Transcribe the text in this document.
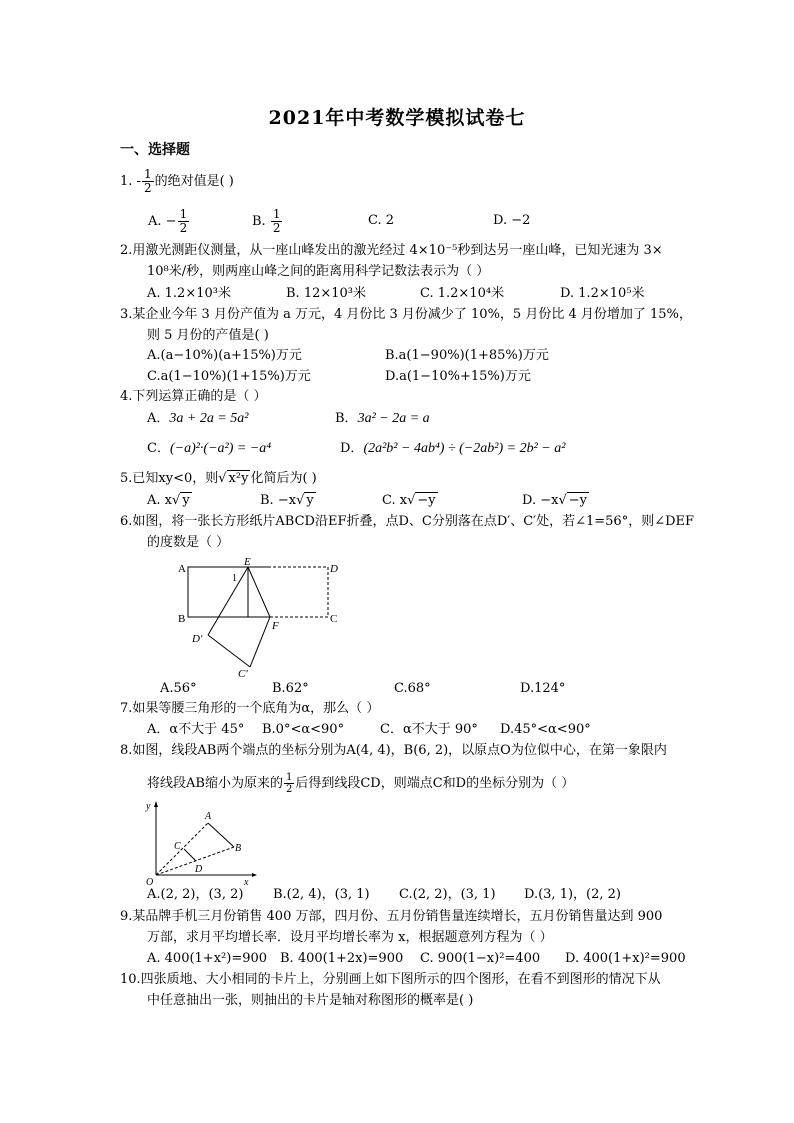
2021年中考数学模拟试卷七
一、选择题
1. - $\frac{1}{2}$ 的绝对值是( )
A. − $\frac{1}{2}$	B. $\frac{1}{2}$	C. 2	D. −2
2.用激光测距仪测量，从一座山峰发出的激光经过 4×10⁻⁵秒到达另一座山峰，已知光速为 3×
10⁸米/秒，则两座山峰之间的距离用科学记数法表示为（ ）
A. 1.2×10³米	B. 12×10³米	C. 1.2×10⁴米	D. 1.2×10⁵米
3.某企业今年 3 月份产值为 a 万元，4 月份比 3 月份减少了 10%，5 月份比 4 月份增加了 15%，
则 5 月份的产值是( )
A.(a−10%)(a+15%)万元	B.a(1−90%)(1+85%)万元
C.a(1−10%)(1+15%)万元	D.a(1−10%+15%)万元
4.下列运算正确的是（ ）
A．3a + 2a = 5a²	B．3a² − 2a = a
C．(−a)²·(−a²) = −a⁴	D．(2a²b² − 4ab⁴) ÷ (−2ab²) = 2b² − a²
5.已知xy<0，则√ x²y 化简后为( )
A. x√ y	B. −x√ y	C. x√ −y	D. −x√ −y
6.如图，将一张长方形纸片ABCD沿EF折叠，点D、C分别落在点D′、C′处，若∠1=56°，则∠DEF
的度数是（ ）
A
E
D
1
B	C
D′
F
C′
A.56°	B.62°	C.68°	D.124°
7.如果等腰三角形的一个底角为α，那么（ ）
A．α不大于 45° B.0°<α<90°	C．α不大于 90° D.45°<α<90°
8.如图，线段AB两个端点的坐标分别为A(4, 4)，B(6, 2)，以原点O为位似中心，在第一象限内
将线段AB缩小为原来的 $\frac{1}{2}$ 后得到线段CD，则端点C和D的坐标分别为（ ）
y
x
O
A
B
C
D
A.(2, 2)，(3, 2) B.(2, 4)，(3, 1) C.(2, 2)，(3, 1) D.(3, 1)，(2, 2)
9.某品牌手机三月份销售 400 万部，四月份、五月份销售量连续增长，五月份销售量达到 900
万部，求月平均增长率．设月平均增长率为 x，根据题意列方程为（ ）
A. 400(1+x²)=900 B. 400(1+2x)=900 C. 900(1−x)²=400 D. 400(1+x)²=900
10.四张质地、大小相同的卡片上，分别画上如下图所示的四个图形，在看不到图形的情况下从
中任意抽出一张，则抽出的卡片是轴对称图形的概率是( )
